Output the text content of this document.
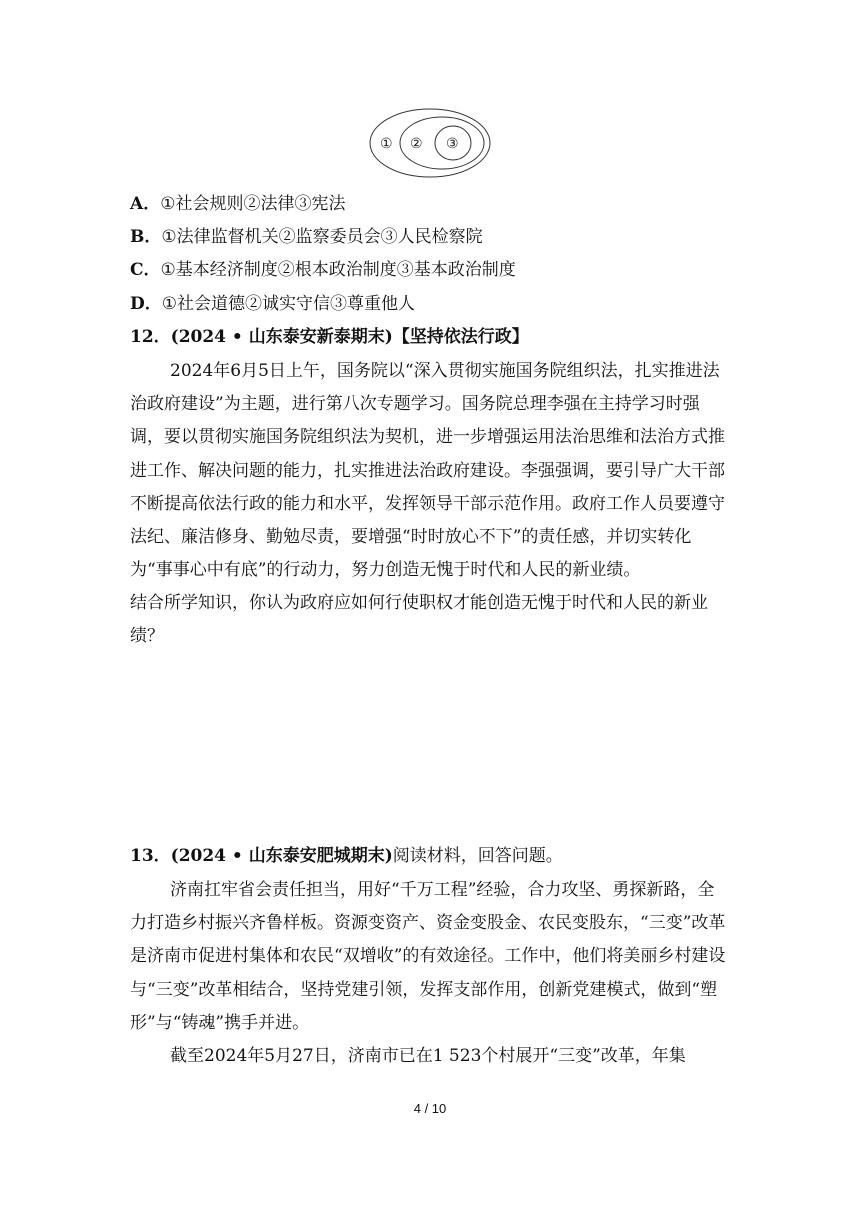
① ② ③
A．①社会规则②法律③宪法
B．①法律监督机关②监察委员会③人民检察院
C．①基本经济制度②根本政治制度③基本政治制度
D．①社会道德②诚实守信③尊重他人
12．(2024 • 山东泰安新泰期末)【坚持依法行政】
2024年6月5日上午，国务院以“深入贯彻实施国务院组织法，扎实推进法治政府建设”为主题，进行第八次专题学习。国务院总理李强在主持学习时强调，要以贯彻实施国务院组织法为契机，进一步增强运用法治思维和法治方式推进工作、解决问题的能力，扎实推进法治政府建设。李强强调，要引导广大干部不断提高依法行政的能力和水平，发挥领导干部示范作用。政府工作人员要遵守法纪、廉洁修身、勤勉尽责，要增强“时时放心不下”的责任感，并切实转化为“事事心中有底”的行动力，努力创造无愧于时代和人民的新业绩。
结合所学知识，你认为政府应如何行使职权才能创造无愧于时代和人民的新业绩？
13．(2024 • 山东泰安肥城期末)阅读材料，回答问题。
济南扛牢省会责任担当，用好“千万工程”经验，合力攻坚、勇探新路，全力打造乡村振兴齐鲁样板。资源变资产、资金变股金、农民变股东，“三变”改革是济南市促进村集体和农民“双增收”的有效途径。工作中，他们将美丽乡村建设与“三变”改革相结合，坚持党建引领，发挥支部作用，创新党建模式，做到“塑形”与“铸魂”携手并进。
截至2024年5月27日，济南市已在1 523个村展开“三变”改革，年集
4 / 10
